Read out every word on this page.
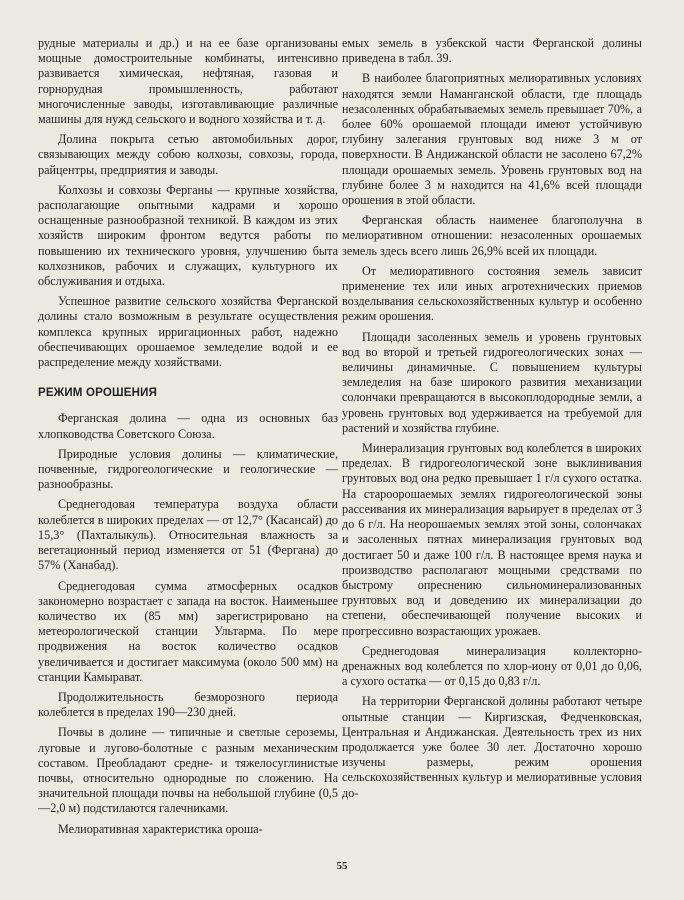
рудные материалы и др.) и на ее базе организованы мощные домостроительные комбинаты, интенсивно развивается химическая, нефтяная, газовая и горнорудная промышленность, работают многочисленные заводы, изготавливающие различные машины для нужд сельского и водного хозяйства и т. д.

Долина покрыта сетью автомобильных дорог, связывающих между собою колхозы, совхозы, города, райцентры, предприятия и заводы.

Колхозы и совхозы Ферганы — крупные хозяйства, располагающие опытными кадрами и хорошо оснащенные разнообразной техникой. В каждом из этих хозяйств широким фронтом ведутся работы по повышению их технического уровня, улучшению быта колхозников, рабочих и служащих, культурного их обслуживания и отдыха.

Успешное развитие сельского хозяйства Ферганской долины стало возможным в результате осуществления комплекса крупных ирригационных работ, надежно обеспечивающих орошаемое земледелие водой и ее распределение между хозяйствами.

РЕЖИМ ОРОШЕНИЯ

Ферганская долина — одна из основных баз хлопководства Советского Союза.

Природные условия долины — климатические, почвенные, гидрогеологические и геологические — разнообразны.

Среднегодовая температура воздуха области колеблется в широких пределах — от 12,7° (Касансай) до 15,3° (Пахталыкуль). Относительная влажность за вегетационный период изменяется от 51 (Фергана) до 57% (Ханабад).

Среднегодовая сумма атмосферных осадков закономерно возрастает с запада на восток. Наименьшее количество их (85 мм) зарегистрировано на метеорологической станции Ультарма. По мере продвижения на восток количество осадков увеличивается и достигает максимума (около 500 мм) на станции Камырават.

Продолжительность безморозного периода колеблется в пределах 190—230 дней.

Почвы в долине — типичные и светлые сероземы, луговые и лугово-болотные с разным механическим составом. Преобладают средне- и тяжелосуглинистые почвы, относительно однородные по сложению. На значительной площади почвы на небольшой глубине (0,5—2,0 м) подстилаются галечниками.

Мелиоративная характеристика ороша-

емых земель в узбекской части Ферганской долины приведена в табл. 39.

В наиболее благоприятных мелиоративных условиях находятся земли Наманганской области, где площадь незасоленных обрабатываемых земель превышает 70%, а более 60% орошаемой площади имеют устойчивую глубину залегания грунтовых вод ниже 3 м от поверхности. В Андижанской области не засолено 67,2% площади орошаемых земель. Уровень грунтовых вод на глубине более 3 м находится на 41,6% всей площади орошения в этой области.

Ферганская область наименее благополучна в мелиоративном отношении: незасоленных орошаемых земель здесь всего лишь 26,9% всей их площади.

От мелиоративного состояния земель зависит применение тех или иных агротехнических приемов возделывания сельскохозяйственных культур и особенно режим орошения.

Площади засоленных земель и уровень грунтовых вод во второй и третьей гидрогеологических зонах — величины динамичные. С повышением культуры земледелия на базе широкого развития механизации солончаки превращаются в высокоплодородные земли, а уровень грунтовых вод удерживается на требуемой для растений и хозяйства глубине.

Минерализация грунтовых вод колеблется в широких пределах. В гидрогеологической зоне выклинивания грунтовых вод она редко превышает 1 г/л сухого остатка. На староорошаемых землях гидрогеологической зоны рассеивания их минерализация варьирует в пределах от 3 до 6 г/л. На неорошаемых землях этой зоны, солончаках и засоленных пятнах минерализация грунтовых вод достигает 50 и даже 100 г/л. В настоящее время наука и производство располагают мощными средствами по быстрому опреснению сильноминерализованных грунтовых вод и доведению их минерализации до степени, обеспечивающей получение высоких и прогрессивно возрастающих урожаев.

Среднегодовая минерализация коллекторно-дренажных вод колеблется по хлор-иону от 0,01 до 0,06, а сухого остатка — от 0,15 до 0,83 г/л.

На территории Ферганской долины работают четыре опытные станции — Киргизская, Федченковская, Центральная и Андижанская. Деятельность трех из них продолжается уже более 30 лет. Достаточно хорошо изучены размеры, режим орошения сельскохозяйственных культур и мелиоративные условия до-

55
